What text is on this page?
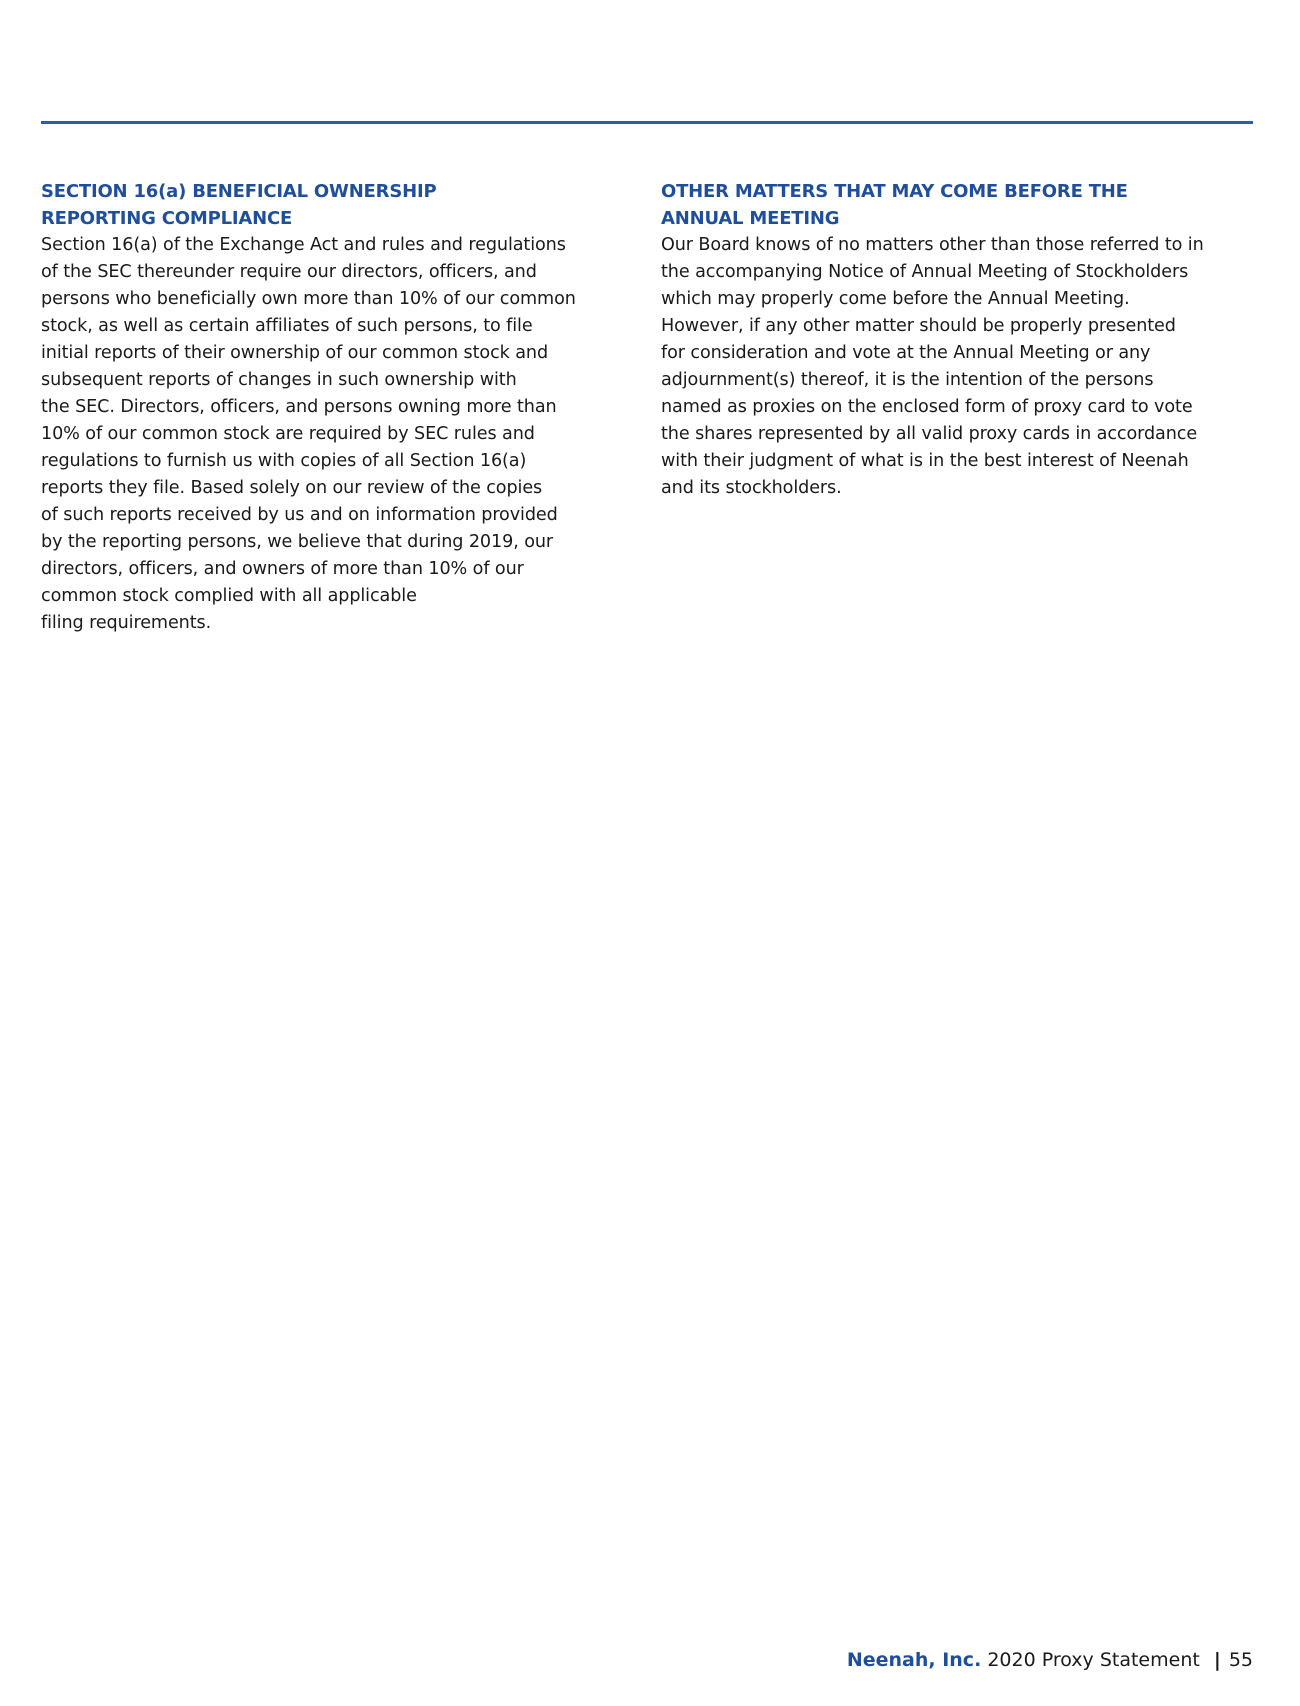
SECTION 16(a) BENEFICIAL OWNERSHIP
REPORTING COMPLIANCE
Section 16(a) of the Exchange Act and rules and regulations
of the SEC thereunder require our directors, officers, and
persons who beneficially own more than 10% of our common
stock, as well as certain affiliates of such persons, to file
initial reports of their ownership of our common stock and
subsequent reports of changes in such ownership with
the SEC. Directors, officers, and persons owning more than
10% of our common stock are required by SEC rules and
regulations to furnish us with copies of all Section 16(a)
reports they file. Based solely on our review of the copies
of such reports received by us and on information provided
by the reporting persons, we believe that during 2019, our
directors, officers, and owners of more than 10% of our
common stock complied with all applicable
filing requirements.
OTHER MATTERS THAT MAY COME BEFORE THE
ANNUAL MEETING
Our Board knows of no matters other than those referred to in
the accompanying Notice of Annual Meeting of Stockholders
which may properly come before the Annual Meeting.
However, if any other matter should be properly presented
for consideration and vote at the Annual Meeting or any
adjournment(s) thereof, it is the intention of the persons
named as proxies on the enclosed form of proxy card to vote
the shares represented by all valid proxy cards in accordance
with their judgment of what is in the best interest of Neenah
and its stockholders.
Neenah, Inc. 2020 Proxy Statement | 55
